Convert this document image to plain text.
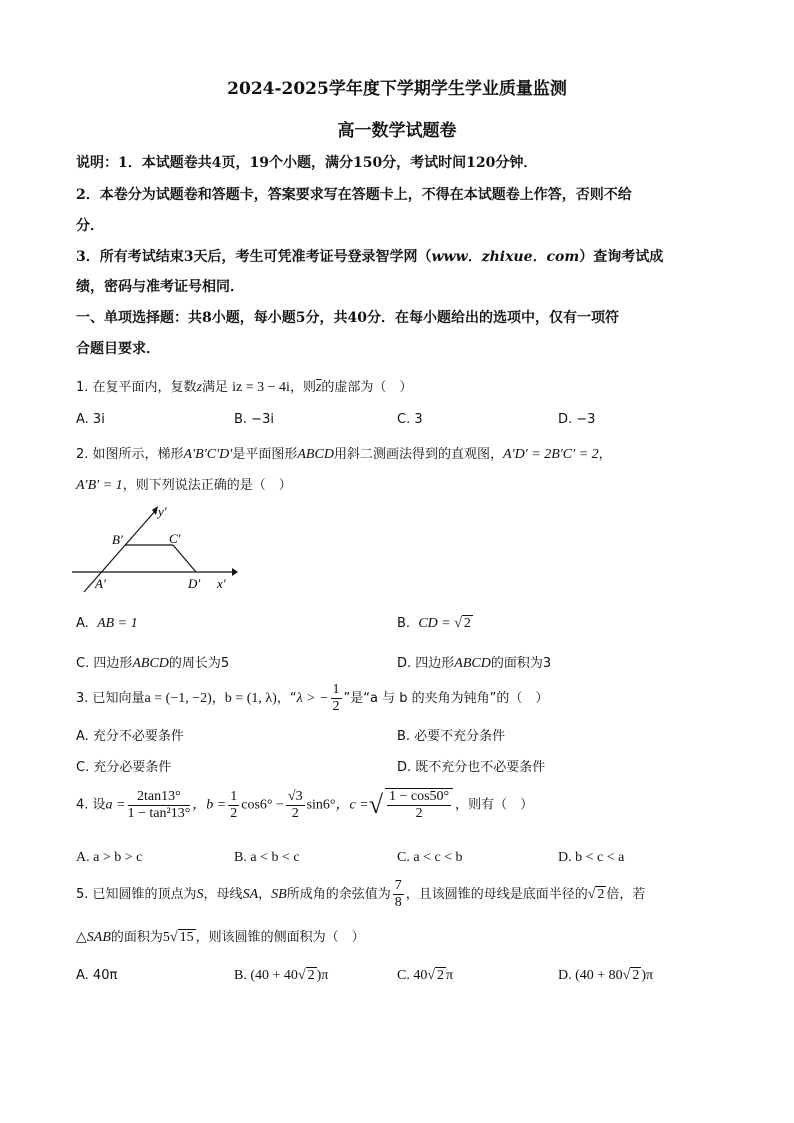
2024-2025学年度下学期学生学业质量监测
高一数学试题卷
说明：1．本试题卷共4页，19个小题，满分150分，考试时间120分钟．
2．本卷分为试题卷和答题卡，答案要求写在答题卡上，不得在本试题卷上作答，否则不给
分．
3．所有考试结束3天后，考生可凭准考证号登录智学网（www．zhixue．com）查询考试成
绩，密码与准考证号相同．
一、单项选择题：共8小题，每小题5分，共40分．在每小题给出的选项中，仅有一项符
合题目要求．
1. 在复平面内，复数z满足 iz = 3 − 4i，则$\overline{z}$的虚部为（　）
A. 3i	B. −3i	C. 3	D. −3
2. 如图所示，梯形A′B′C′D′是平面图形ABCD用斜二测画法得到的直观图，A′D′ = 2B′C′ = 2，
A′B′ = 1，则下列说法正确的是（　）
y′
x′
A′
B′	C′
D′
A. AB = 1	B. CD = √ 2
C. 四边形ABCD的周长为5	D. 四边形ABCD的面积为3
3. 已知向量a = (−1, −2)，b = (1, λ)，“λ > − $\frac{1}{2}$ ”是“a 与 b 的夹角为钝角”的（　）
A. 充分不必要条件	B. 必要不充分条件
C. 充分必要条件	D. 既不充分也不必要条件
4. 设$a = \frac{2\tan 13^\circ}{\text{1 − tan²13°}}$ ，$b = \frac{1}{2} \cos 6^\circ - \frac{√3}{2} \sin 6^\circ$，c =√ $\frac{1 - \cos 50^\circ}{2}$ ，则有（　）
A. a > b > c	B. a < b < c	C. a < c < b	D. b < c < a
5. 已知圆锥的顶点为S，母线SA，SB所成角的余弦值为 $\frac{7}{8}$ ，且该圆锥的母线是底面半径的√ 2 倍，若
△SAB的面积为5√ 15 ，则该圆锥的侧面积为（　）
A. 40π	B. (40 + 40√ 2 )π	C. 40√ 2 π	D. (40 + 80√ 2 )π
